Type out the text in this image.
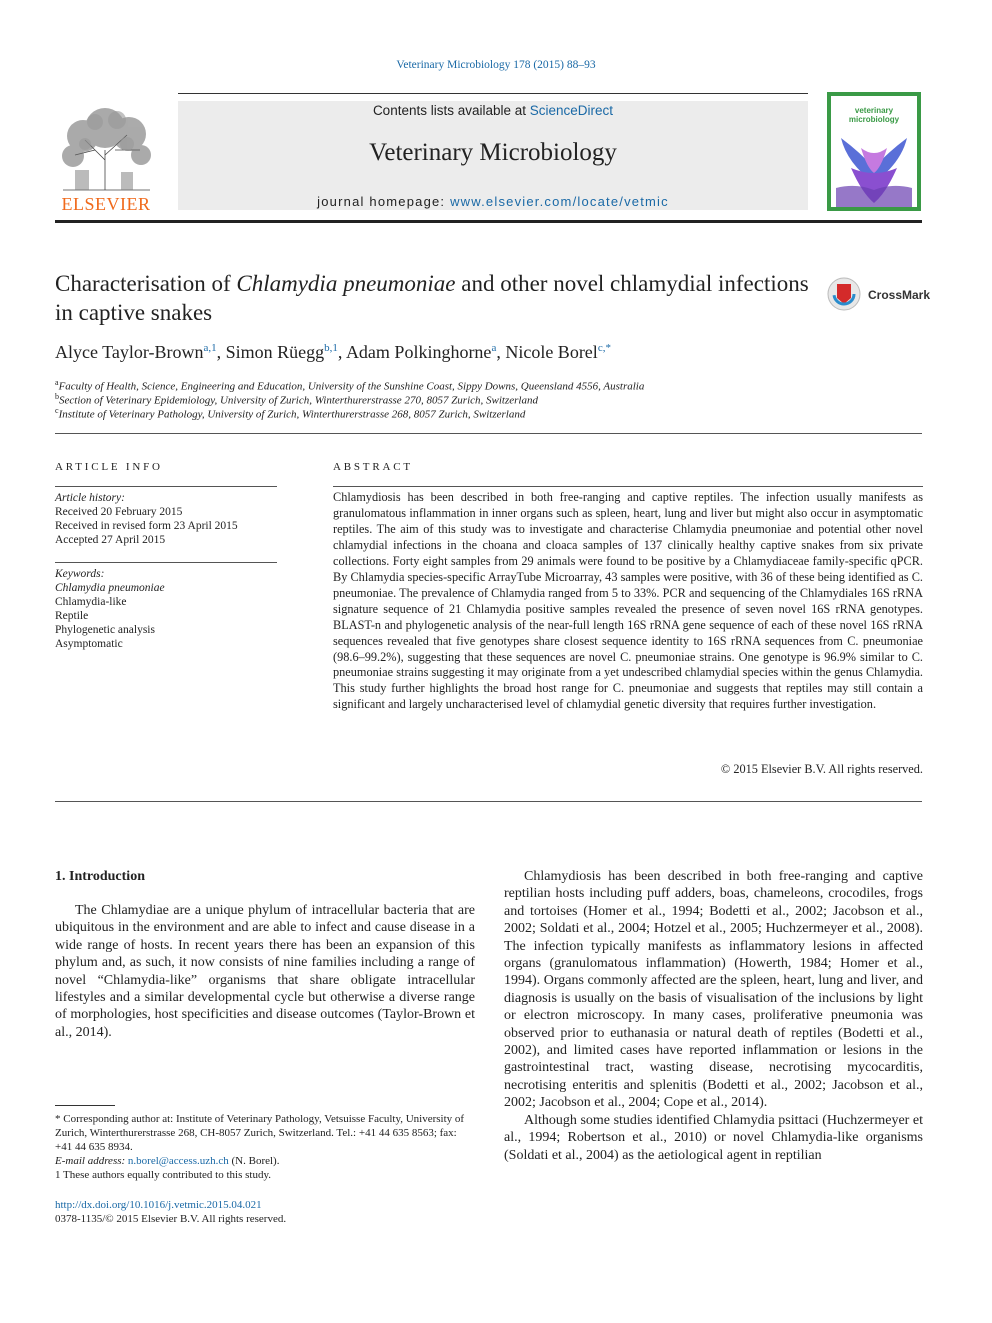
Veterinary Microbiology 178 (2015) 88–93
ELSEVIER
Contents lists available at ScienceDirect
Veterinary Microbiology
journal homepage: www.elsevier.com/locate/vetmic
veterinary microbiology
Characterisation of Chlamydia pneumoniae and other novel chlamydial infections in captive snakes
CrossMark
Alyce Taylor-Brown$^{a,1}$, Simon Rüegg$^{b,1}$, Adam Polkinghorne$^a$, Nicole Borel$^{c,*}$
$^a$Faculty of Health, Science, Engineering and Education, University of the Sunshine Coast, Sippy Downs, Queensland 4556, Australia
$^b$Section of Veterinary Epidemiology, University of Zurich, Winterthurerstrasse 270, 8057 Zurich, Switzerland
$^c$Institute of Veterinary Pathology, University of Zurich, Winterthurerstrasse 268, 8057 Zurich, Switzerland
ARTICLE INFO
Article history:
Received 20 February 2015
Received in revised form 23 April 2015
Accepted 27 April 2015
Keywords:
Chlamydia pneumoniae
Chlamydia-like
Reptile
Phylogenetic analysis
Asymptomatic
ABSTRACT
Chlamydiosis has been described in both free-ranging and captive reptiles. The infection usually manifests as granulomatous inflammation in inner organs such as spleen, heart, lung and liver but might also occur in asymptomatic reptiles. The aim of this study was to investigate and characterise Chlamydia pneumoniae and potential other novel chlamydial infections in the choana and cloaca samples of 137 clinically healthy captive snakes from six private collections. Forty eight samples from 29 animals were found to be positive by a Chlamydiaceae family-specific qPCR. By Chlamydia species-specific ArrayTube Microarray, 43 samples were positive, with 36 of these being identified as C. pneumoniae. The prevalence of Chlamydia ranged from 5 to 33%. PCR and sequencing of the Chlamydiales 16S rRNA signature sequence of 21 Chlamydia positive samples revealed the presence of seven novel 16S rRNA genotypes. BLAST-n and phylogenetic analysis of the near-full length 16S rRNA gene sequence of each of these novel 16S rRNA sequences revealed that five genotypes share closest sequence identity to 16S rRNA sequences from C. pneumoniae (98.6–99.2%), suggesting that these sequences are novel C. pneumoniae strains. One genotype is 96.9% similar to C. pneumoniae strains suggesting it may originate from a yet undescribed chlamydial species within the genus Chlamydia. This study further highlights the broad host range for C. pneumoniae and suggests that reptiles may still contain a significant and largely uncharacterised level of chlamydial genetic diversity that requires further investigation.
© 2015 Elsevier B.V. All rights reserved.
1. Introduction

The Chlamydiae are a unique phylum of intracellular bacteria that are ubiquitous in the environment and are able to infect and cause disease in a wide range of hosts. In recent years there has been an expansion of this phylum and, as such, it now consists of nine families including a range of novel “Chlamydia-like” organisms that share obligate intracellular lifestyles and a similar developmental cycle but otherwise a diverse range of morphologies, host specificities and disease outcomes (Taylor-Brown et al., 2014).

Chlamydiosis has been described in both free-ranging and captive reptilian hosts including puff adders, boas, chameleons, crocodiles, frogs and tortoises (Homer et al., 1994; Bodetti et al., 2002; Jacobson et al., 2002; Soldati et al., 2004; Hotzel et al., 2005; Huchzermeyer et al., 2008). The infection typically manifests as inflammatory lesions in affected organs (granulomatous inflammation) (Howerth, 1984; Homer et al., 1994). Organs commonly affected are the spleen, heart, lung and liver, and diagnosis is usually on the basis of visualisation of the inclusions by light or electron microscopy. In many cases, proliferative pneumonia was observed prior to euthanasia or natural death of reptiles (Bodetti et al., 2002), and limited cases have reported inflammation or lesions in the gastrointestinal tract, wasting disease, necrotising mycocarditis, necrotising enteritis and splenitis (Bodetti et al., 2002; Jacobson et al., 2002; Jacobson et al., 2004; Cope et al., 2014).

Although some studies identified Chlamydia psittaci (Huchzermeyer et al., 1994; Robertson et al., 2010) or novel Chlamydia-like organisms (Soldati et al., 2004) as the aetiological agent in reptilian

* Corresponding author at: Institute of Veterinary Pathology, Vetsuisse Faculty, University of Zurich, Winterthurerstrasse 268, CH-8057 Zurich, Switzerland. Tel.: +41 44 635 8563; fax: +41 44 635 8934.
E-mail address: n.borel@access.uzh.ch (N. Borel).
1 These authors equally contributed to this study.
http://dx.doi.org/10.1016/j.vetmic.2015.04.021
0378-1135/© 2015 Elsevier B.V. All rights reserved.
